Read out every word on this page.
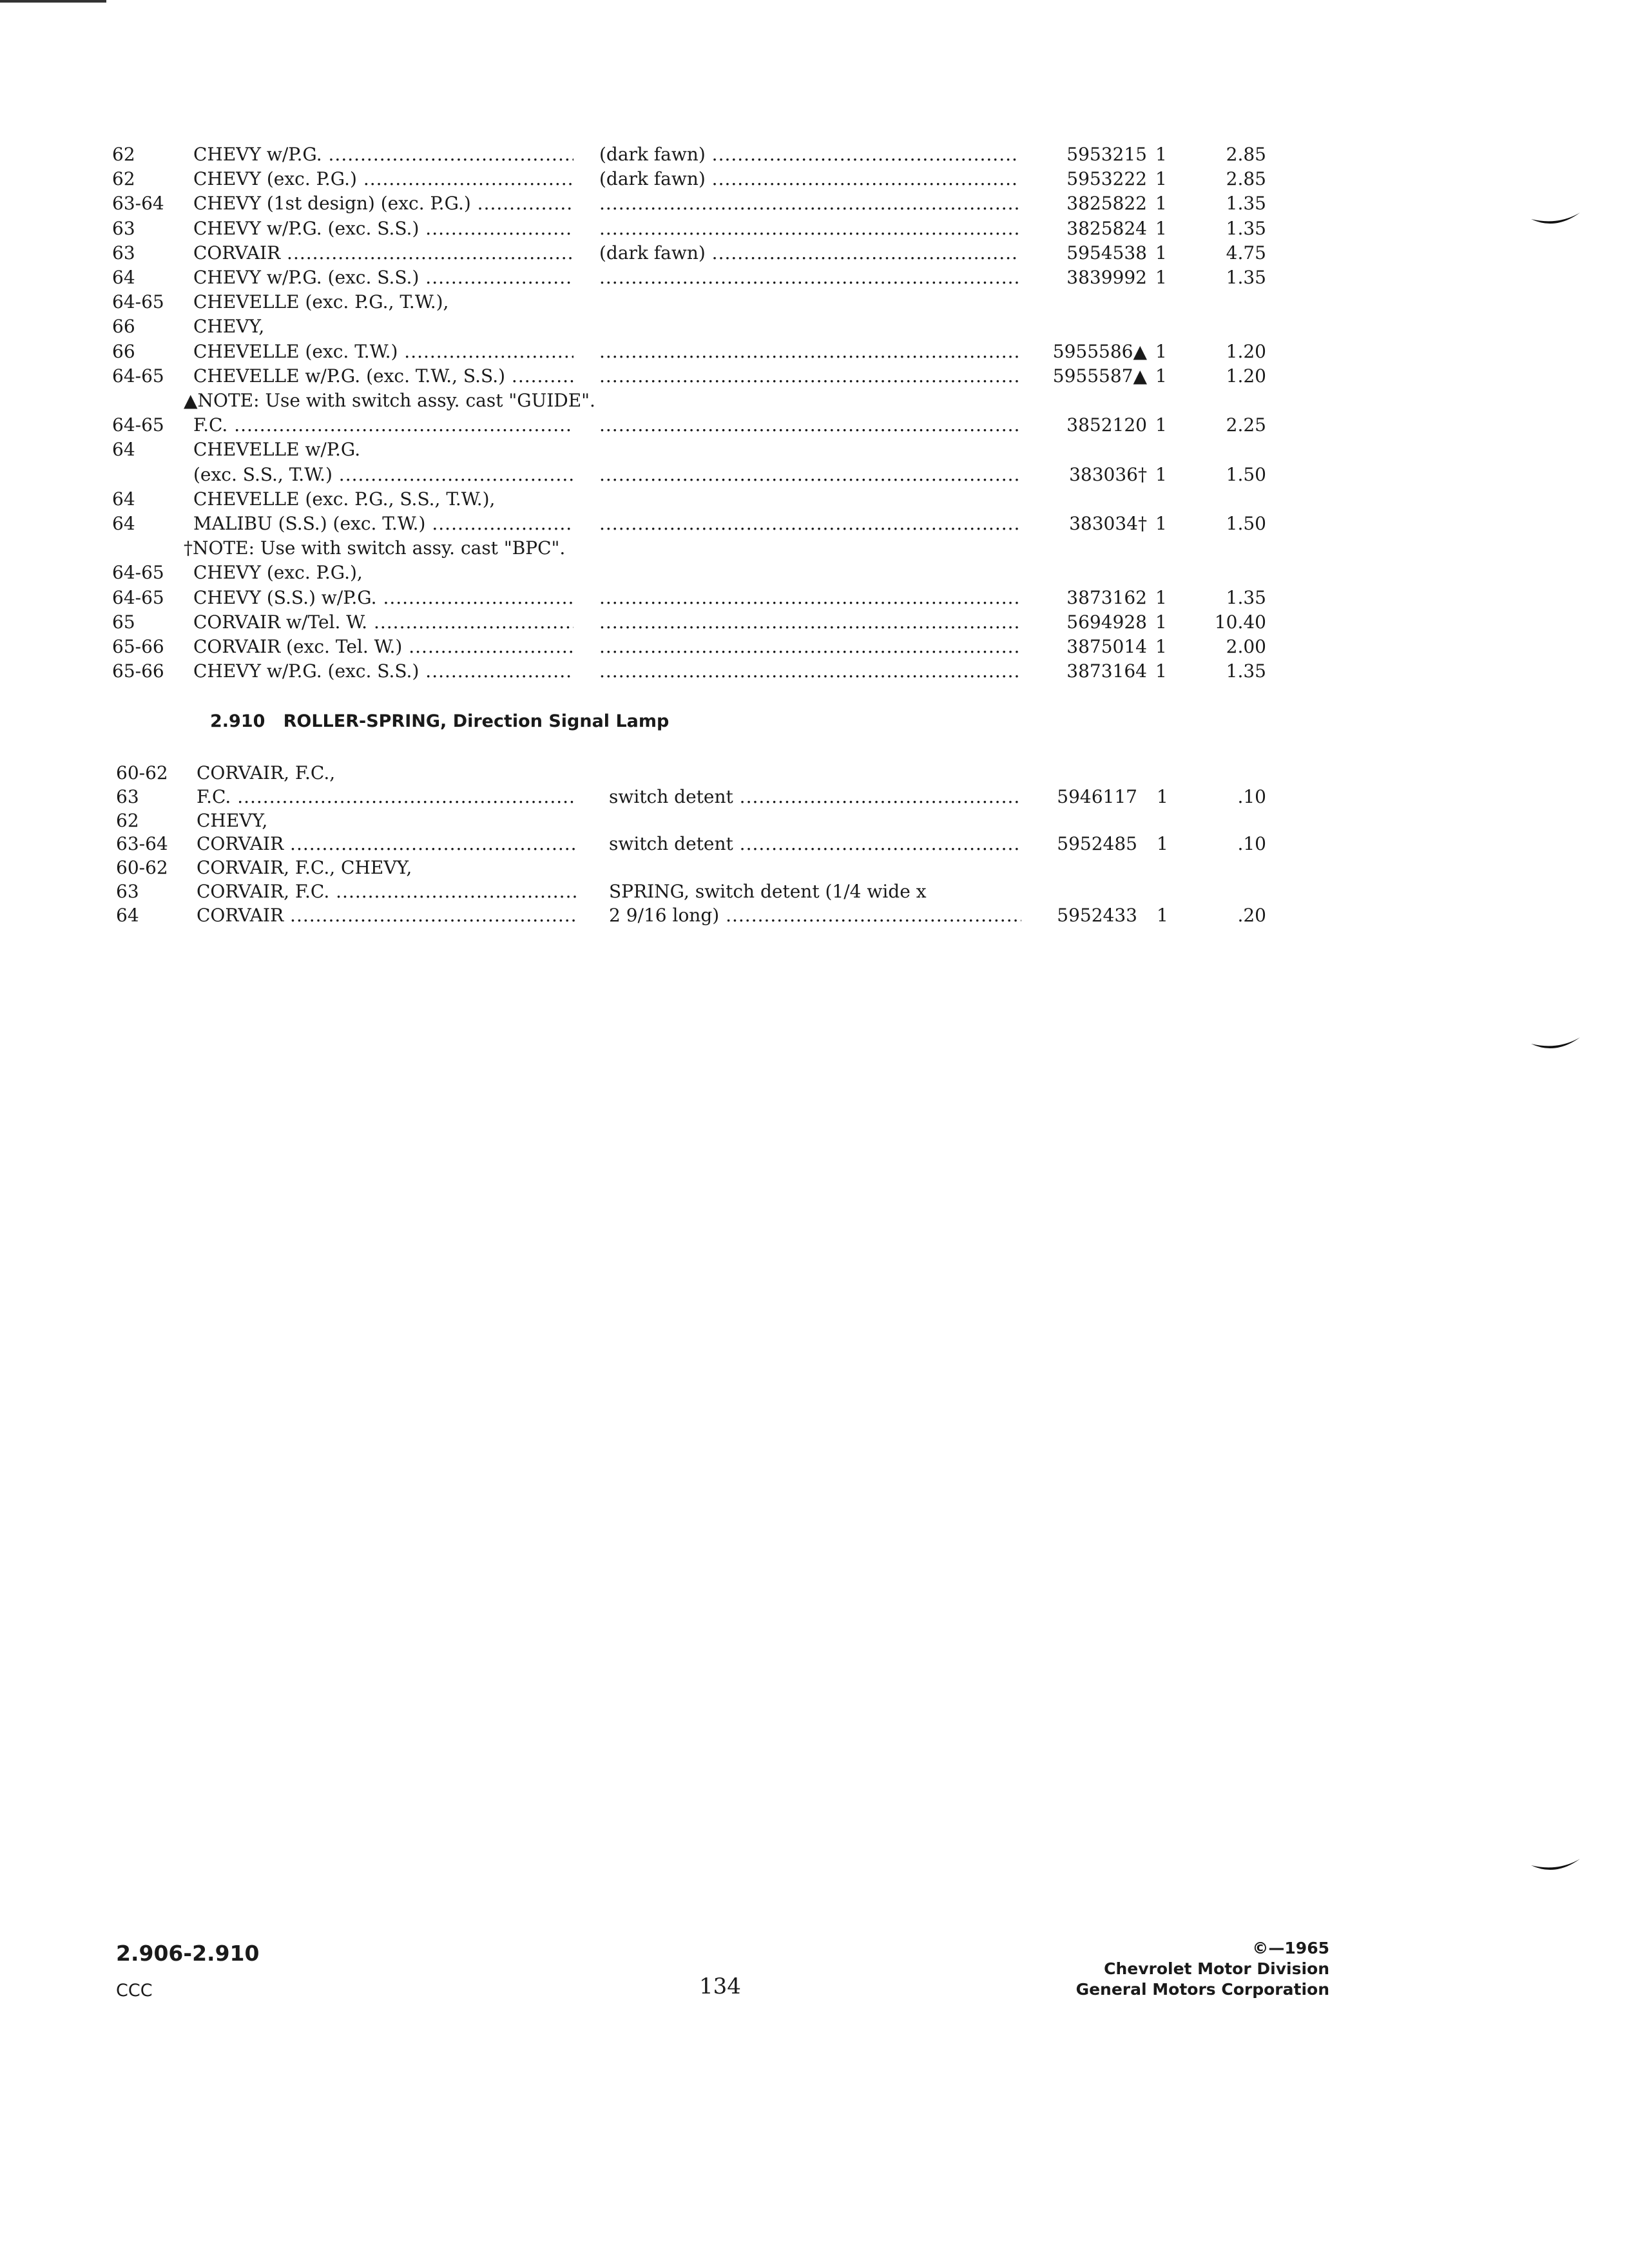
62	CHEVY w/P.G. .....	(dark fawn) .....	5953215 1	2.85
62	CHEVY (exc. P.G.) .....	(dark fawn) .....	5953222 1	2.85
63-64 CHEVY (1st design) (exc. P.G.) ..... .....	3825822 1	1.35
63	CHEVY w/P.G. (exc. S.S.) ..... .....	3825824 1	1.35
63	CORVAIR .....	(dark fawn) .....	5954538 1	4.75
64	CHEVY w/P.G. (exc. S.S.) ..... .....	3839992 1	1.35
64-65 CHEVELLE (exc. P.G., T.W.),
66	CHEVY,
66	CHEVELLE (exc. T.W.) ..... .....	5955586▲ 1	1.20
64-65 CHEVELLE w/P.G. (exc. T.W., S.S.) ..... .....	5955587▲ 1	1.20
▲NOTE: Use with switch assy. cast "GUIDE".
64-65 F.C. ..... .....	3852120 1	2.25
64	CHEVELLE w/P.G.
(exc. S.S., T.W.) ..... .....	383036† 1	1.50
64	CHEVELLE (exc. P.G., S.S., T.W.),
64	MALIBU (S.S.) (exc. T.W.) ..... .....	383034† 1	1.50
†NOTE: Use with switch assy. cast "BPC".
64-65 CHEVY (exc. P.G.),
64-65 CHEVY (S.S.) w/P.G. ..... .....	3873162 1	1.35
65	CORVAIR w/Tel. W. ..... .....	5694928 1	10.40
65-66 CORVAIR (exc. Tel. W.) ..... .....	3875014 1	2.00
65-66 CHEVY w/P.G. (exc. S.S.) ..... .....	3873164 1	1.35
2.910 ROLLER-SPRING, Direction Signal Lamp
60-62 CORVAIR, F.C.,
63	F.C. .....	switch detent .....	5946117 1	.10
62	CHEVY,
63-64 CORVAIR .....	switch detent .....	5952485 1	.10
60-62 CORVAIR, F.C., CHEVY,
63	CORVAIR, F.C. .....	SPRING, switch detent (1/4 wide x
64	CORVAIR .....	2 9/16 long) .....	5952433 1	.20
2.906-2.910
CCC	134
©—1965
Chevrolet Motor Division
General Motors Corporation
